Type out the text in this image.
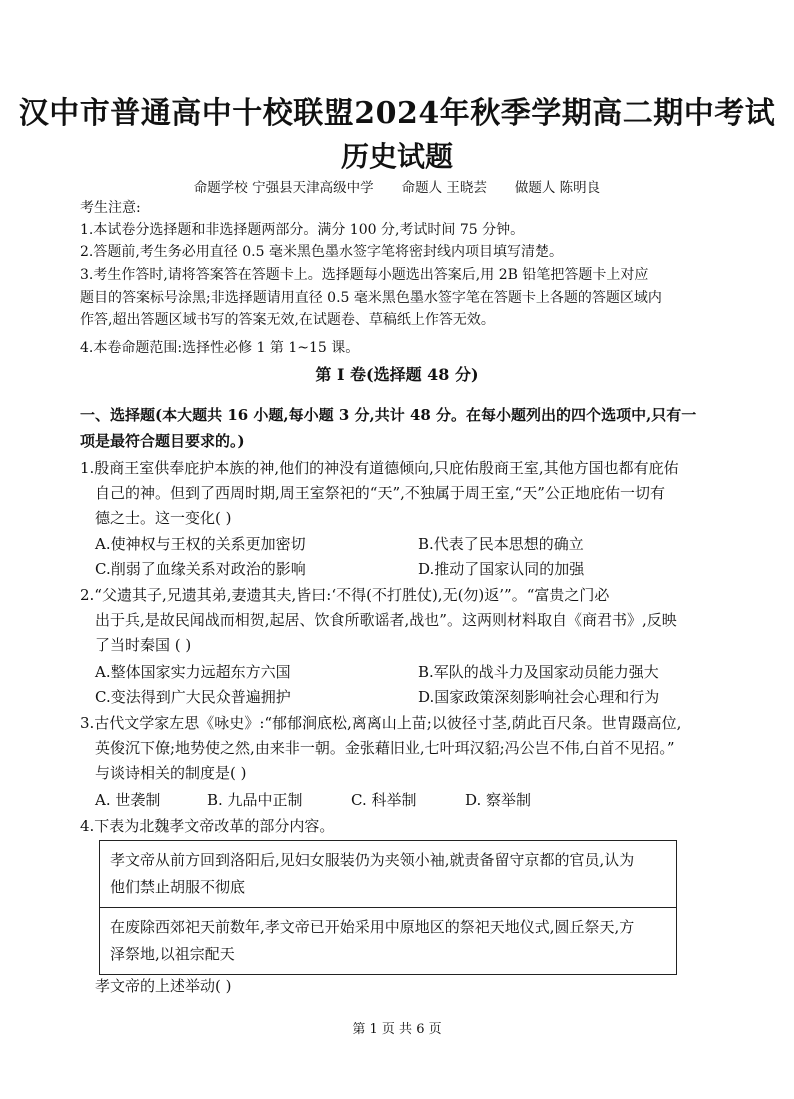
汉中市普通高中十校联盟2024年秋季学期高二期中考试
历史试题
命题学校 宁强县天津高级中学 命题人 王晓芸 做题人 陈明良
考生注意:
1.本试卷分选择题和非选择题两部分。满分 100 分,考试时间 75 分钟。
2.答题前,考生务必用直径 0.5 毫米黑色墨水签字笔将密封线内项目填写清楚。
3.考生作答时,请将答案答在答题卡上。选择题每小题选出答案后,用 2B 铅笔把答题卡上对应
题目的答案标号涂黑;非选择题请用直径 0.5 毫米黑色墨水签字笔在答题卡上各题的答题区域内
作答,超出答题区域书写的答案无效,在试题卷、草稿纸上作答无效。
4.本卷命题范围:选择性必修 1 第 1~15 课。
第 I 卷(选择题 48 分)
一、选择题(本大题共 16 小题,每小题 3 分,共计 48 分。在每小题列出的四个选项中,只有一
项是最符合题目要求的。)
1.殷商王室供奉庇护本族的神,他们的神没有道德倾向,只庇佑殷商王室,其他方国也都有庇佑
自己的神。但到了西周时期,周王室祭祀的“天”,不独属于周王室,“天”公正地庇佑一切有
德之士。这一变化( )
A.使神权与王权的关系更加密切	B.代表了民本思想的确立
C.削弱了血缘关系对政治的影响	D.推动了国家认同的加强
2.“父遗其子,兄遗其弟,妻遗其夫,皆曰:‘不得(不打胜仗),无(勿)返’”。“富贵之门必
出于兵,是故民闻战而相贺,起居、饮食所歌谣者,战也”。这两则材料取自《商君书》,反映
了当时秦国 ( )
A.整体国家实力远超东方六国	B.军队的战斗力及国家动员能力强大
C.变法得到广大民众普遍拥护	D.国家政策深刻影响社会心理和行为
3.古代文学家左思《咏史》:“郁郁涧底松,离离山上苗;以彼径寸茎,荫此百尺条。世胄蹑高位,
英俊沉下僚;地势使之然,由来非一朝。金张藉旧业,七叶珥汉貂;冯公岂不伟,白首不见招。”
与谈诗相关的制度是( )
A. 世袭制	B. 九品中正制	C. 科举制	D. 察举制
4.下表为北魏孝文帝改革的部分内容。
孝文帝从前方回到洛阳后,见妇女服装仍为夹领小袖,就责备留守京都的官员,认为
他们禁止胡服不彻底
在废除西郊祀天前数年,孝文帝已开始采用中原地区的祭祀天地仪式,圆丘祭天,方
泽祭地,以祖宗配天
孝文帝的上述举动( )
第 1 页 共 6 页
